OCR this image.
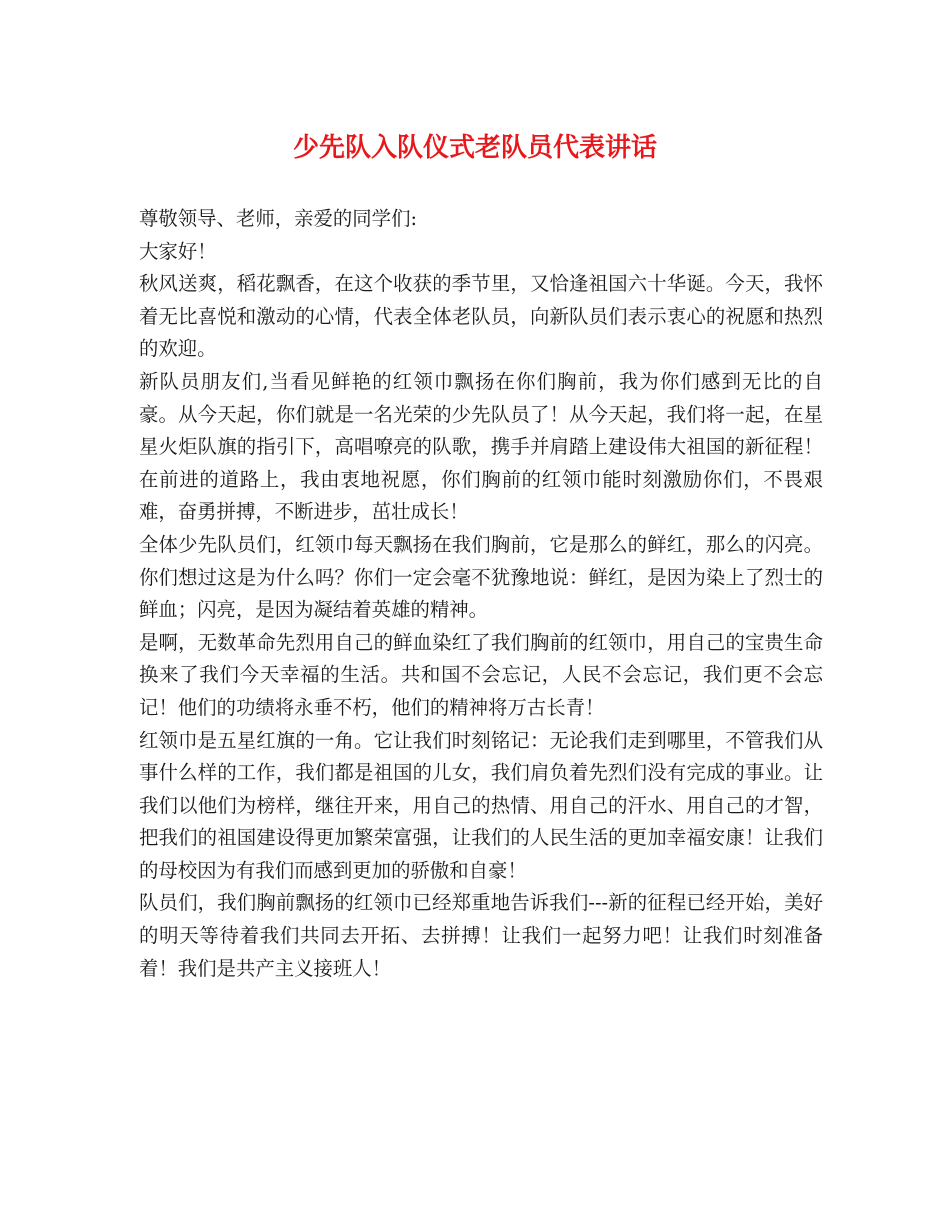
少先队入队仪式老队员代表讲话

尊敬领导、老师，亲爱的同学们:

大家好！

秋风送爽，稻花飘香，在这个收获的季节里，又恰逢祖国六十华诞。今天，我怀着无比喜悦和激动的心情，代表全体老队员，向新队员们表示衷心的祝愿和热烈的欢迎。

新队员朋友们,当看见鲜艳的红领巾飘扬在你们胸前，我为你们感到无比的自豪。从今天起，你们就是一名光荣的少先队员了！从今天起，我们将一起，在星星火炬队旗的指引下，高唱嘹亮的队歌，携手并肩踏上建设伟大祖国的新征程！在前进的道路上，我由衷地祝愿，你们胸前的红领巾能时刻激励你们，不畏艰难，奋勇拼搏，不断进步，茁壮成长！

全体少先队员们，红领巾每天飘扬在我们胸前，它是那么的鲜红，那么的闪亮。你们想过这是为什么吗？你们一定会毫不犹豫地说：鲜红，是因为染上了烈士的鲜血；闪亮，是因为凝结着英雄的精神。

是啊，无数革命先烈用自己的鲜血染红了我们胸前的红领巾，用自己的宝贵生命换来了我们今天幸福的生活。共和国不会忘记，人民不会忘记，我们更不会忘记！他们的功绩将永垂不朽，他们的精神将万古长青！

红领巾是五星红旗的一角。它让我们时刻铭记：无论我们走到哪里，不管我们从事什么样的工作，我们都是祖国的儿女，我们肩负着先烈们没有完成的事业。让我们以他们为榜样，继往开来，用自己的热情、用自己的汗水、用自己的才智，把我们的祖国建设得更加繁荣富强，让我们的人民生活的更加幸福安康！让我们的母校因为有我们而感到更加的骄傲和自豪！

队员们，我们胸前飘扬的红领巾已经郑重地告诉我们---新的征程已经开始，美好的明天等待着我们共同去开拓、去拼搏！让我们一起努力吧！让我们时刻准备着！我们是共产主义接班人！
